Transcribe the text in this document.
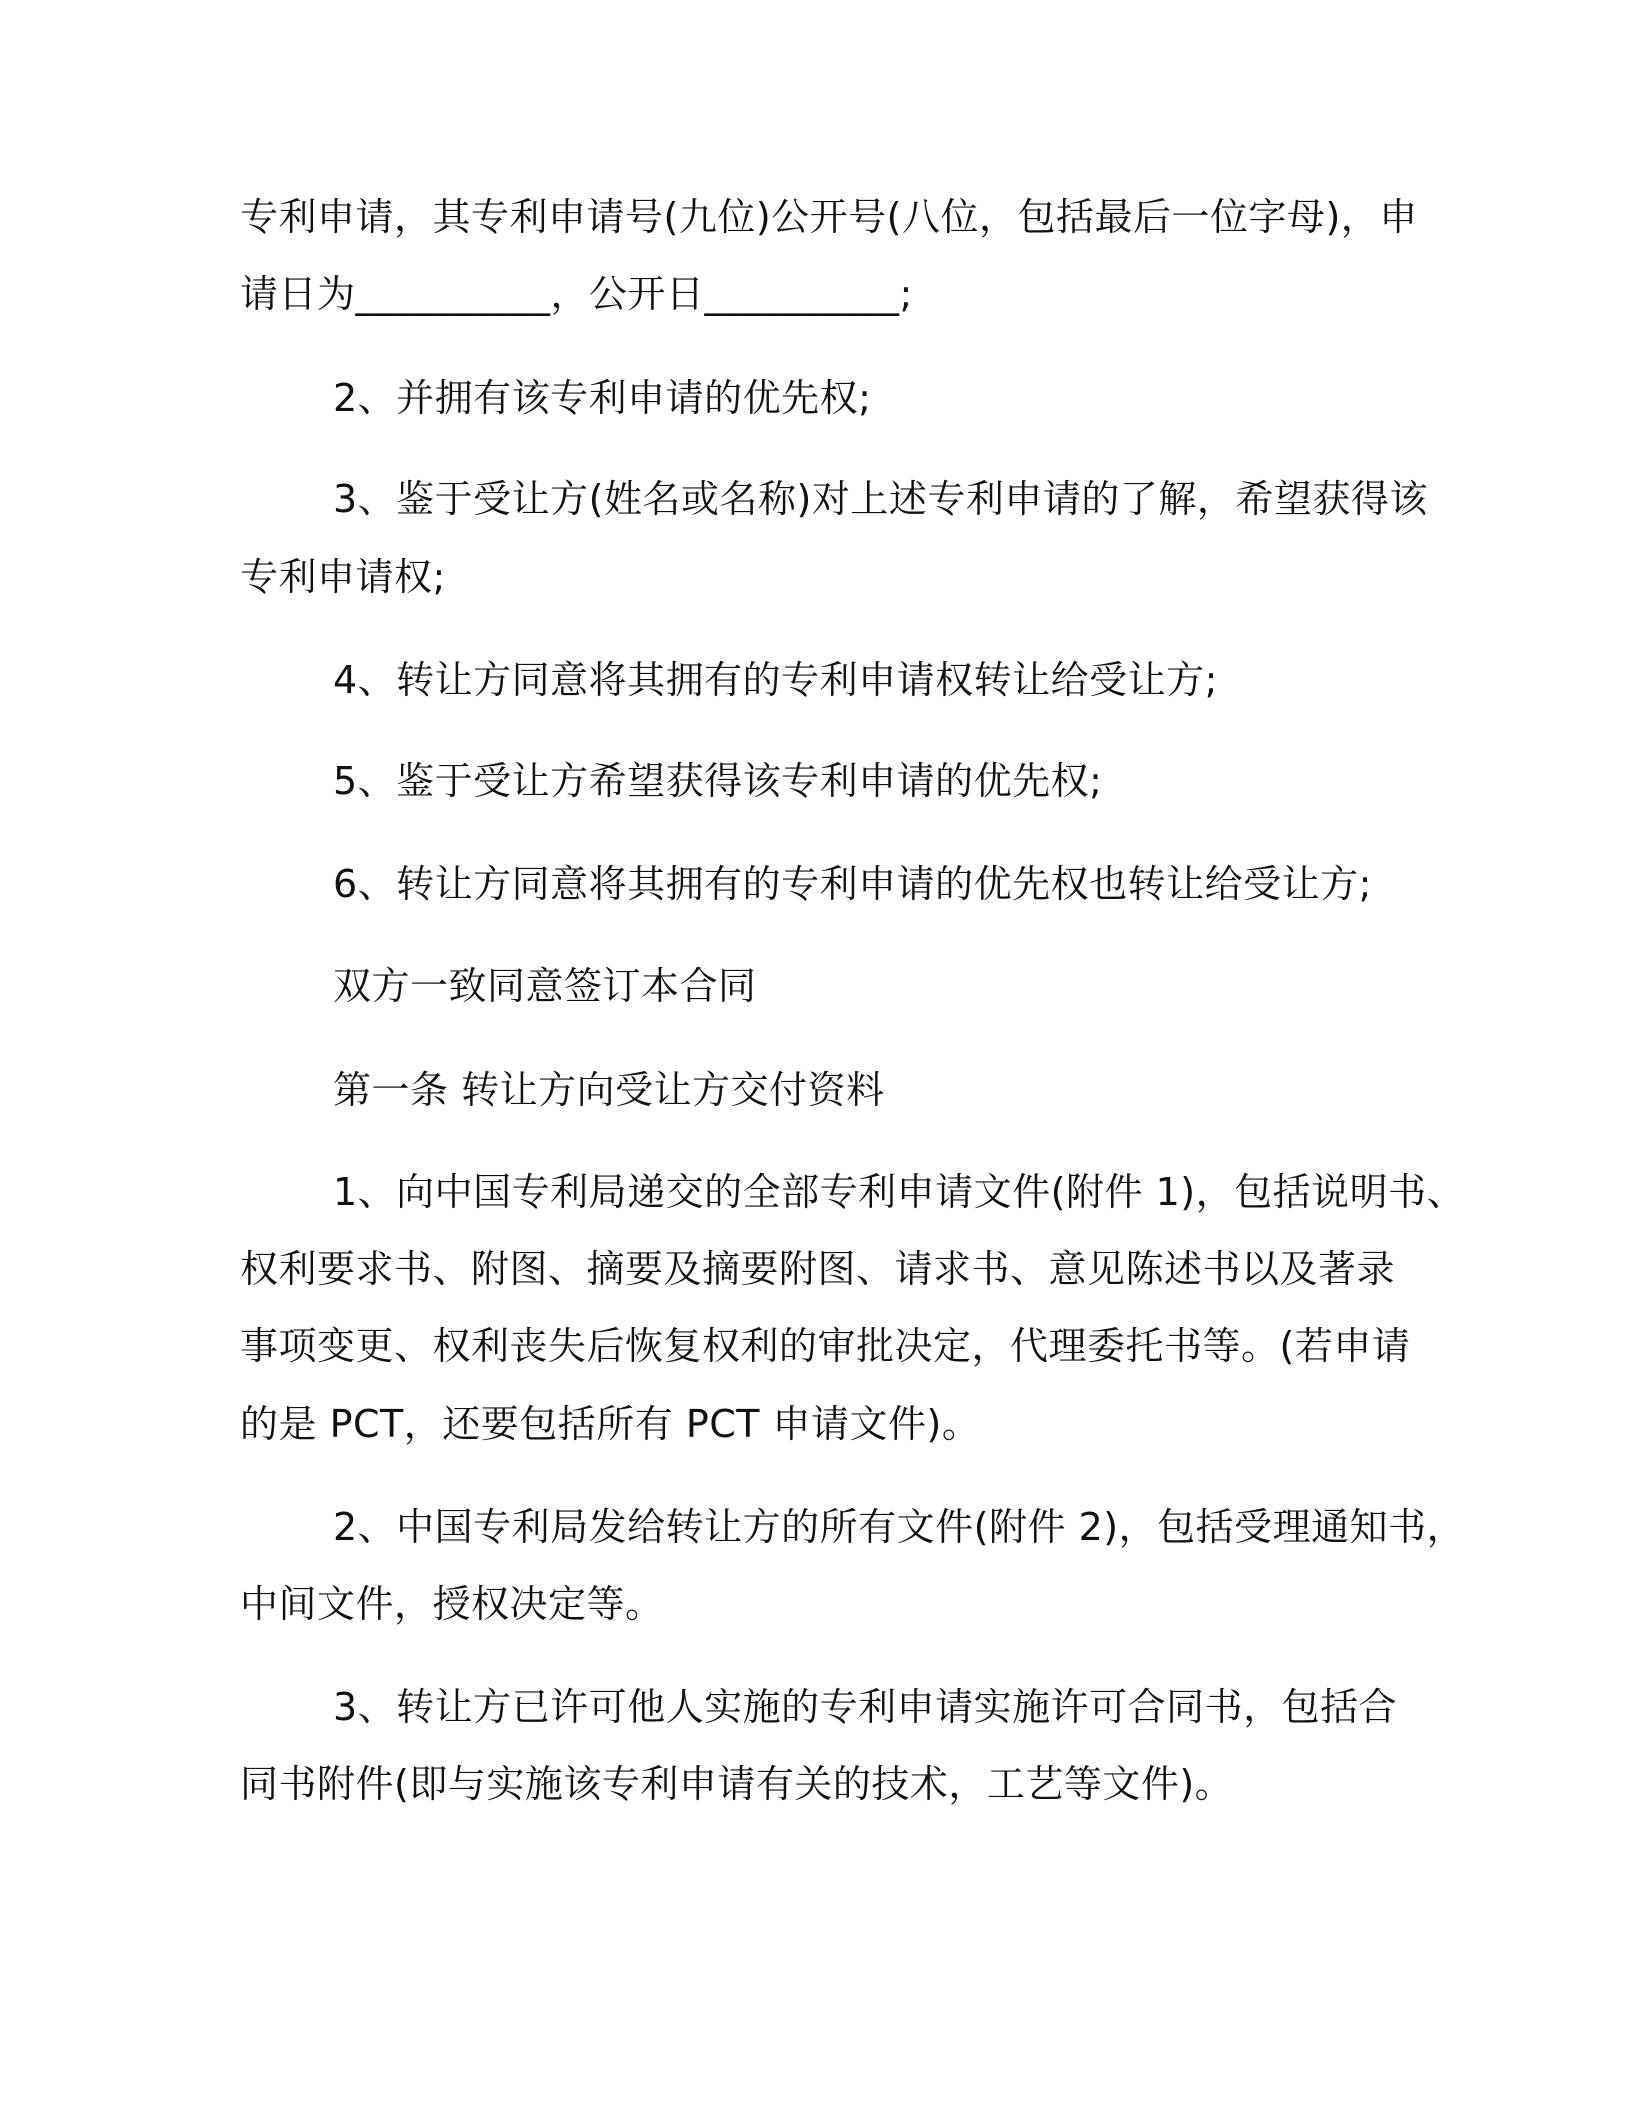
专利申请，其专利申请号(九位)公开号(八位，包括最后一位字母)，申
请日为__________，公开日__________;
2、并拥有该专利申请的优先权;
3、鉴于受让方(姓名或名称)对上述专利申请的了解，希望获得该
专利申请权;
4、转让方同意将其拥有的专利申请权转让给受让方;
5、鉴于受让方希望获得该专利申请的优先权;
6、转让方同意将其拥有的专利申请的优先权也转让给受让方;
双方一致同意签订本合同
第一条 转让方向受让方交付资料
1、向中国专利局递交的全部专利申请文件(附件 1)，包括说明书、
权利要求书、附图、摘要及摘要附图、请求书、意见陈述书以及著录
事项变更、权利丧失后恢复权利的审批决定，代理委托书等。(若申请
的是 PCT，还要包括所有 PCT 申请文件)。
2、中国专利局发给转让方的所有文件(附件 2)，包括受理通知书，
中间文件，授权决定等。
3、转让方已许可他人实施的专利申请实施许可合同书，包括合
同书附件(即与实施该专利申请有关的技术，工艺等文件)。
